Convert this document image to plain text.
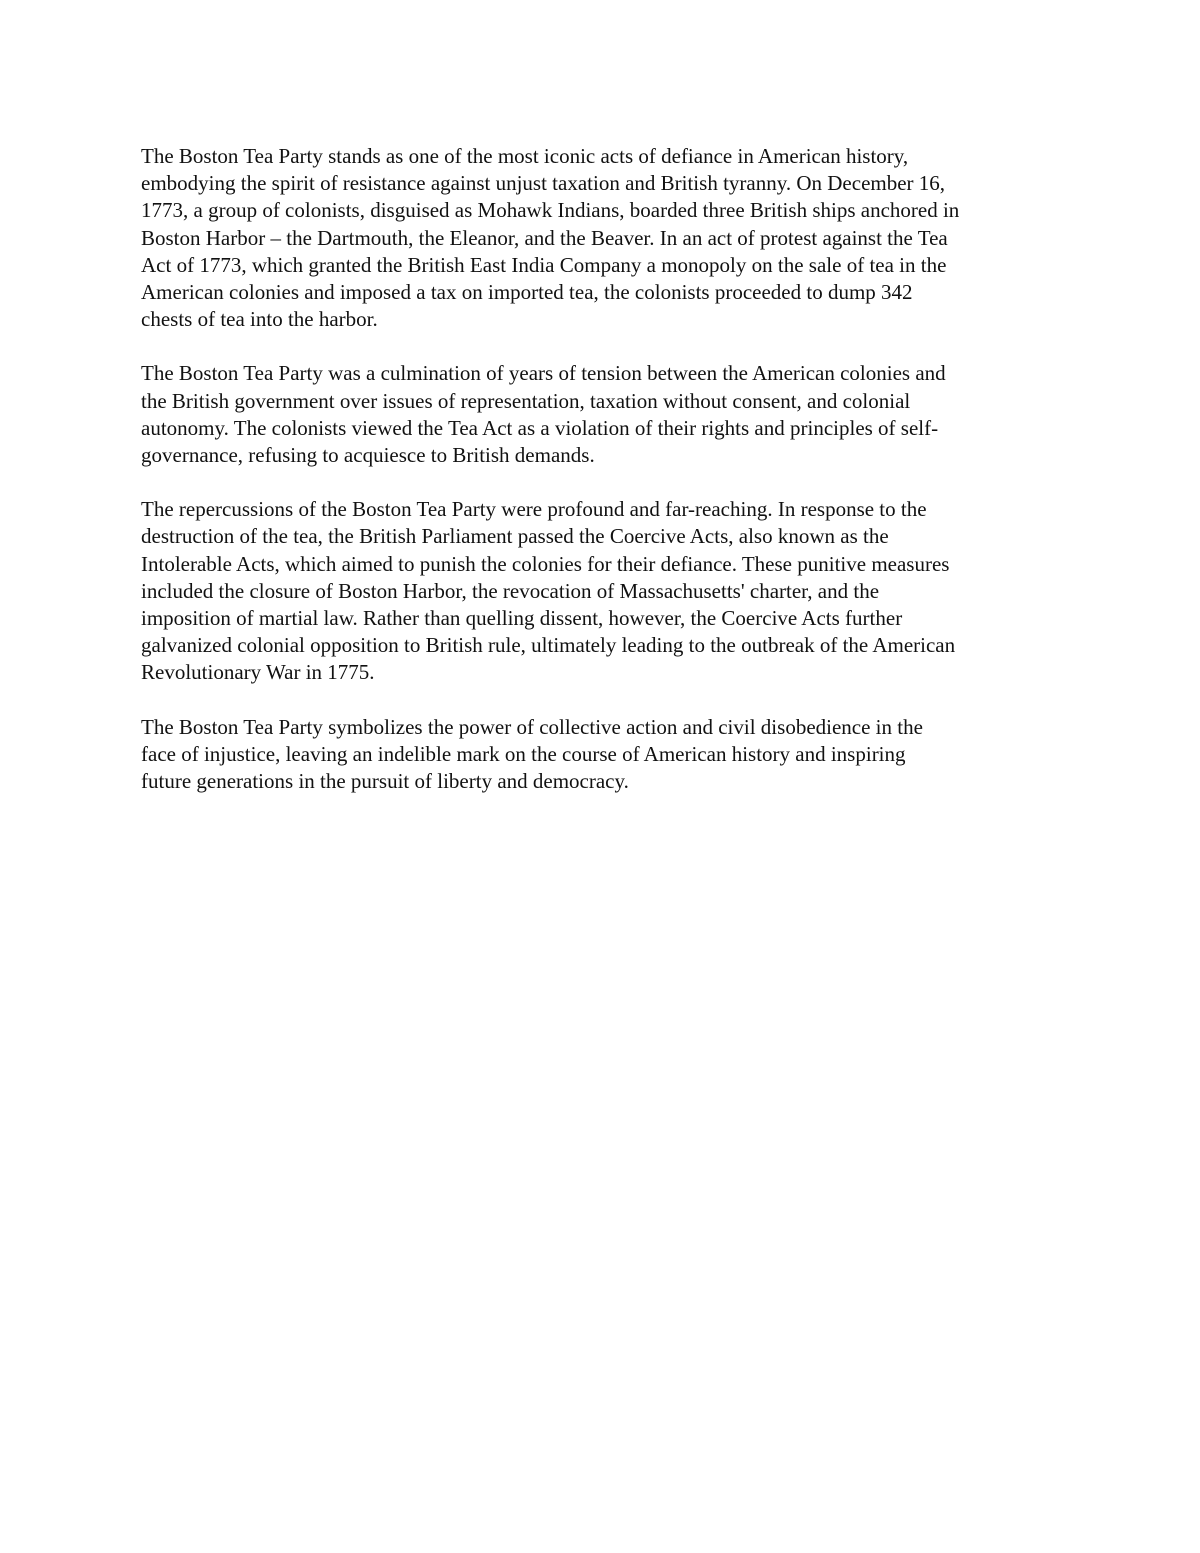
The Boston Tea Party stands as one of the most iconic acts of defiance in American history,
embodying the spirit of resistance against unjust taxation and British tyranny. On December 16,
1773, a group of colonists, disguised as Mohawk Indians, boarded three British ships anchored in
Boston Harbor – the Dartmouth, the Eleanor, and the Beaver. In an act of protest against the Tea
Act of 1773, which granted the British East India Company a monopoly on the sale of tea in the
American colonies and imposed a tax on imported tea, the colonists proceeded to dump 342
chests of tea into the harbor.

The Boston Tea Party was a culmination of years of tension between the American colonies and
the British government over issues of representation, taxation without consent, and colonial
autonomy. The colonists viewed the Tea Act as a violation of their rights and principles of self-
governance, refusing to acquiesce to British demands.

The repercussions of the Boston Tea Party were profound and far-reaching. In response to the
destruction of the tea, the British Parliament passed the Coercive Acts, also known as the
Intolerable Acts, which aimed to punish the colonies for their defiance. These punitive measures
included the closure of Boston Harbor, the revocation of Massachusetts' charter, and the
imposition of martial law. Rather than quelling dissent, however, the Coercive Acts further
galvanized colonial opposition to British rule, ultimately leading to the outbreak of the American
Revolutionary War in 1775.

The Boston Tea Party symbolizes the power of collective action and civil disobedience in the
face of injustice, leaving an indelible mark on the course of American history and inspiring
future generations in the pursuit of liberty and democracy.
